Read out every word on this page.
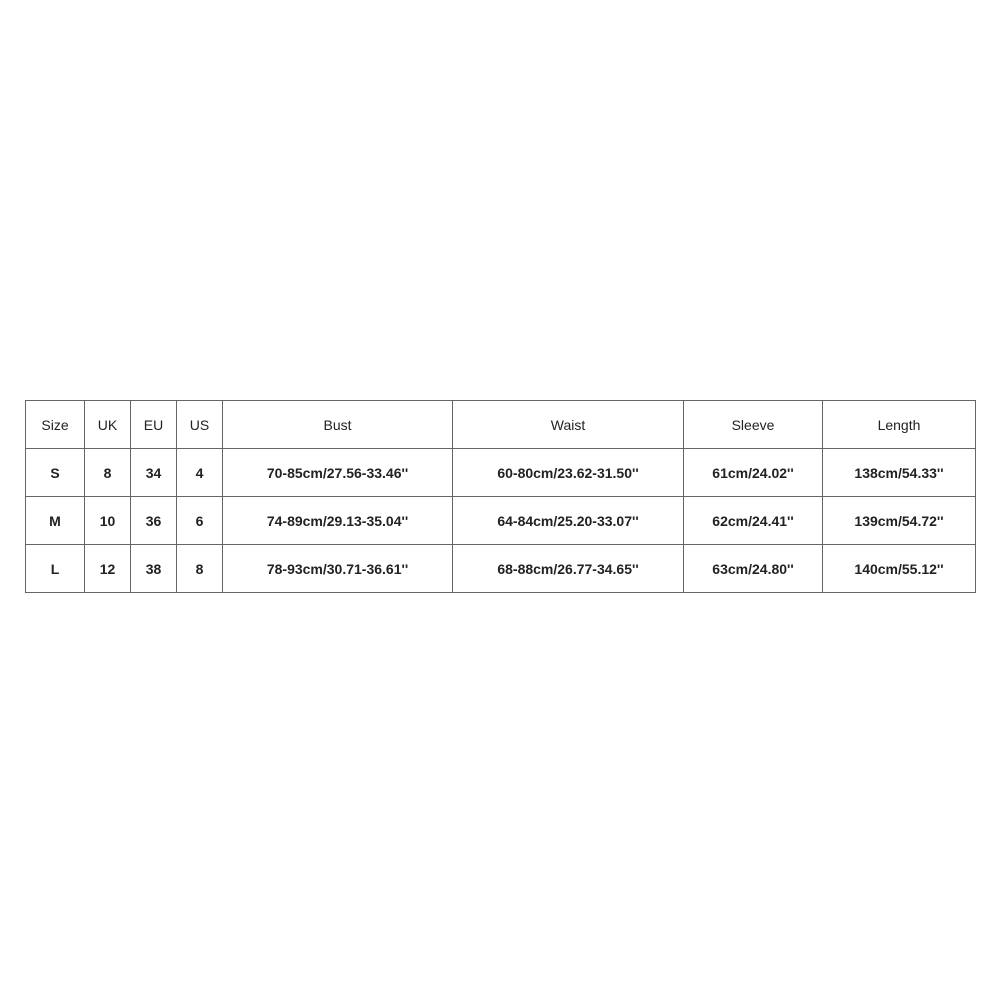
Size	UK	EU	US	Bust	Waist	Sleeve	Length
S	8	34	4	70-85cm/27.56-33.46''	60-80cm/23.62-31.50''	61cm/24.02''	138cm/54.33''
M	10	36	6	74-89cm/29.13-35.04''	64-84cm/25.20-33.07''	62cm/24.41''	139cm/54.72''
L	12	38	8	78-93cm/30.71-36.61''	68-88cm/26.77-34.65''	63cm/24.80''	140cm/55.12''
